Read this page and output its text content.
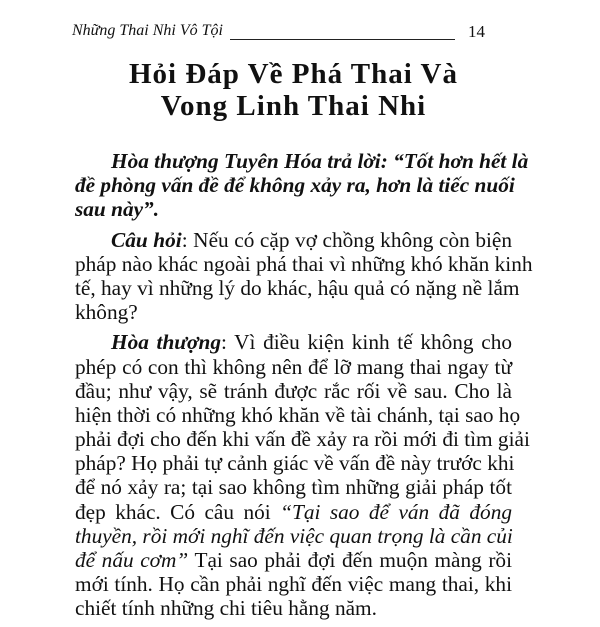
Những Thai Nhi Vô Tội	14
Hỏi Đáp Về Phá Thai Và
Vong Linh Thai Nhi
Hòa thượng Tuyên Hóa trả lời: “Tốt hơn hết là
đề phòng vấn đề để không xảy ra, hơn là tiếc nuối
sau này”.
Câu hỏi: Nếu có cặp vợ chồng không còn biện
pháp nào khác ngoài phá thai vì những khó khăn kinh
tế, hay vì những lý do khác, hậu quả có nặng nề lắm
không?
Hòa thượng: Vì điều kiện kinh tế không cho
phép có con thì không nên để lỡ mang thai ngay từ
đầu; như vậy, sẽ tránh được rắc rối về sau. Cho là
hiện thời có những khó khăn về tài chánh, tại sao họ
phải đợi cho đến khi vấn đề xảy ra rồi mới đi tìm giải
pháp? Họ phải tự cảnh giác về vấn đề này trước khi
để nó xảy ra; tại sao không tìm những giải pháp tốt
đẹp khác. Có câu nói “Tại sao để ván đã đóng
thuyền, rồi mới nghĩ đến việc quan trọng là cần củi
để nấu cơm” Tại sao phải đợi đến muộn màng rồi
mới tính. Họ cần phải nghĩ đến việc mang thai, khi
chiết tính những chi tiêu hằng năm.
